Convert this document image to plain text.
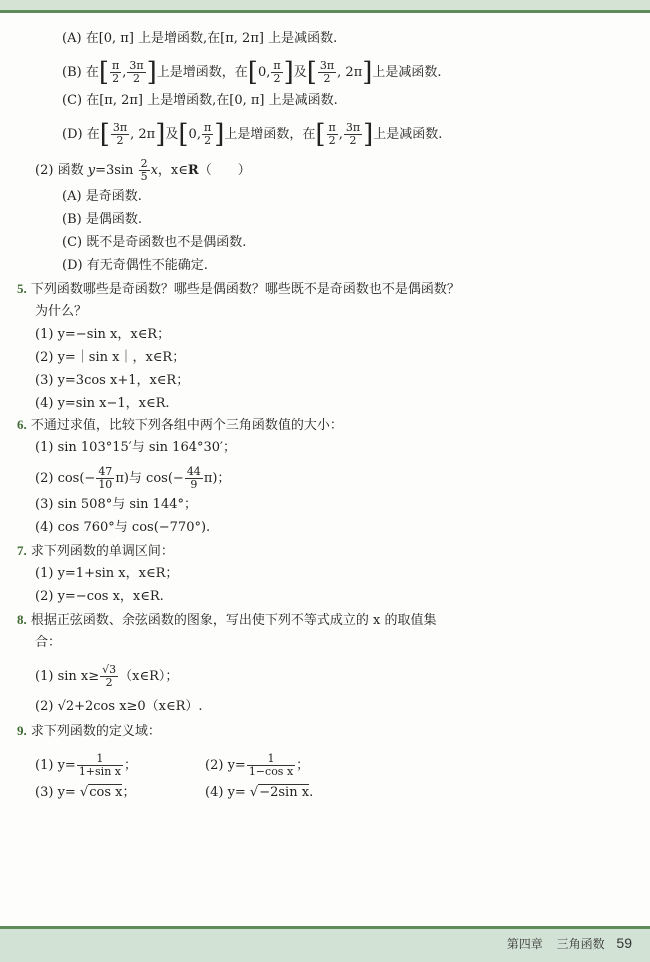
(A) 在[0, π] 上是增函数,在[π, 2π] 上是减函数.
(B) 在[ $\frac{\pi}{2}$ , $\frac{3\pi}{2}$ ]上是增函数，在[0, $\frac{\pi}{2}$ ]及[ $\frac{3\pi}{2}$ , 2π]上是减函数.
(C) 在[π, 2π] 上是增函数,在[0, π] 上是减函数.
(D) 在[ $\frac{3\pi}{2}$ , 2π]及[0, $\frac{\pi}{2}$ ]上是增函数，在[ $\frac{\pi}{2}$ , $\frac{3\pi}{2}$ ]上是减函数.
(2) 函数 $y=3\sin \frac{2}{5}$ x，x∈R（　　）
(A) 是奇函数.
(B) 是偶函数.
(C) 既不是奇函数也不是偶函数.
(D) 有无奇偶性不能确定.
5. 下列函数哪些是奇函数？哪些是偶函数？哪些既不是奇函数也不是偶函数？
为什么？
(1) y=−sin x，x∈R；
(2) y=｜sin x｜，x∈R；
(3) y=3cos x+1，x∈R；
(4) y=sin x−1，x∈R.
6. 不通过求值，比较下列各组中两个三角函数值的大小：
(1) sin 103°15′与 sin 164°30′；
(2) $\cos(- \frac{47}{10} \pi)$与 $\cos(- \frac{44}{9} \pi)$；
(3) sin 508°与 sin 144°；
(4) cos 760°与 cos(−770°).
7. 求下列函数的单调区间：
(1) y=1+sin x，x∈R；
(2) y=−cos x，x∈R.
8. 根据正弦函数、余弦函数的图象，写出使下列不等式成立的 x 的取值集
合：
(1) $\sin x\ge \frac{√3}{2}$ （x∈R）；
(2) √2+2cos x≥0（x∈R）.
9. 求下列函数的定义域：
(1) $y= \frac{1}{\text{1+sin x}}$ ；	(2) $y= \frac{1}{\text{1−cos x}}$ ；
(3) y= √cos x；	(4) y= √−2sin x.
第四章 三角函数 59
